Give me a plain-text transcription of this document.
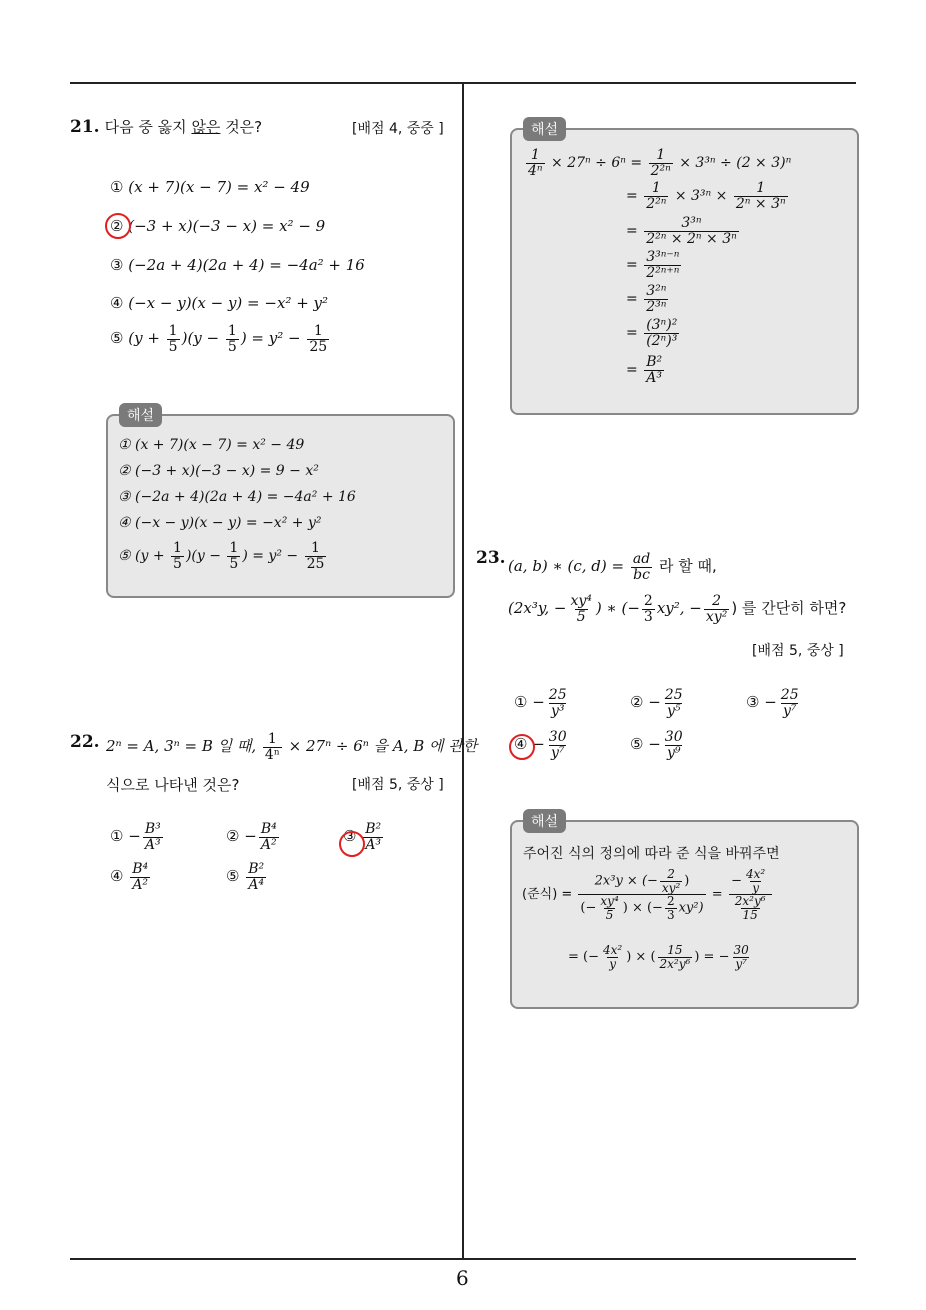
6
21. 다음 중 옳지 않은 것은?	[배점 4, 중중 ]
① (x + 7)(x − 7) = x² − 49
② (−3 + x)(−3 − x) = x² − 9
③ (−2a + 4)(2a + 4) = −4a² + 16
④ (−x − y)(x − y) = −x² + y²
⑤ $(y + \frac{1}{5} )(y - \frac{1}{5}$ ) = $y^2 - \frac{1}{25}$
해설
① (x + 7)(x − 7) = x² − 49
② (−3 + x)(−3 − x) = 9 − x²
③ (−2a + 4)(2a + 4) = −4a² + 16
④ (−x − y)(x − y) = −x² + y²
⑤ $(y + \frac{1}{5} )(y - \frac{1}{5}$ ) = $y^2 - \frac{1}{25}$
22. 2ⁿ = A, 3ⁿ = B 일 때, $\frac{1}{\text{4ⁿ}} \times 27^n \div 6^n$ 을 A, B 에 관한
식으로 나타낸 것은?	[배점 5, 중상 ]
① − $\frac{\text{B³}}{\text{A³}}$	② − $\frac{\text{B⁴}}{\text{A²}}$	③ $\frac{\text{B²}}{\text{A³}}$
④ $\frac{\text{B⁴}}{\text{A²}}$	⑤ $\frac{\text{B²}}{\text{A⁴}}$
해설
$\frac{1}{\text{4ⁿ}} \times 27^n \div 6^n = \frac{1}{\text{2²ⁿ}} \times 3^{3n} \div (2 \times 3)^n$
= $\frac{1}{\text{2²ⁿ}} \times 3^{3n} \times \frac{1}{\text{2ⁿ × 3ⁿ}}$
= $\frac{\text{3³ⁿ}}{\text{2²ⁿ × 2ⁿ × 3ⁿ}}$
= $\frac{\text{3³ⁿ⁻ⁿ}}{\text{2²ⁿ⁺ⁿ}}$
= $\frac{\text{3²ⁿ}}{\text{2³ⁿ}}$
= $\frac{\text{(3ⁿ)²}}{\text{(2ⁿ)³}}$
= $\frac{\text{B²}}{\text{A³}}$
23. (a, b) ∗ (c, $d) = \frac{ad}{bc}$ 라 할 때,
(2x³y, − $\frac{\text{xy⁴}}{5}$ ) ∗ (− $\frac{2}{3} xy^2$, − $\frac{2}{\text{xy²}}$ ) 를 간단히 하면?
[배점 5, 중상 ]
① − $\frac{25}{\text{y³}}$	② − $\frac{25}{\text{y⁵}}$	③ − $\frac{25}{\text{y⁷}}$
④ − $\frac{30}{\text{y⁷}}$	⑤ − $\frac{30}{\text{y⁹}}$
해설
주어진 식의 정의에 따라 준 식을 바꿔주면
(준식) = $\frac{2x^3y \times (- \frac{2}{\text{xy²}} )}{(- \frac{\text{xy⁴}}{5} ) \times (- \frac{2}{3} xy^2)} = \frac{- \frac{\text{4x²}}{y}}{\frac{\text{2x²y⁶}}{15}}$
= (− $\frac{\text{4x²}}{y}$ ) × ( $\frac{15}{\text{2x²y⁶}}$ ) = − $\frac{30}{\text{y⁷}}$
